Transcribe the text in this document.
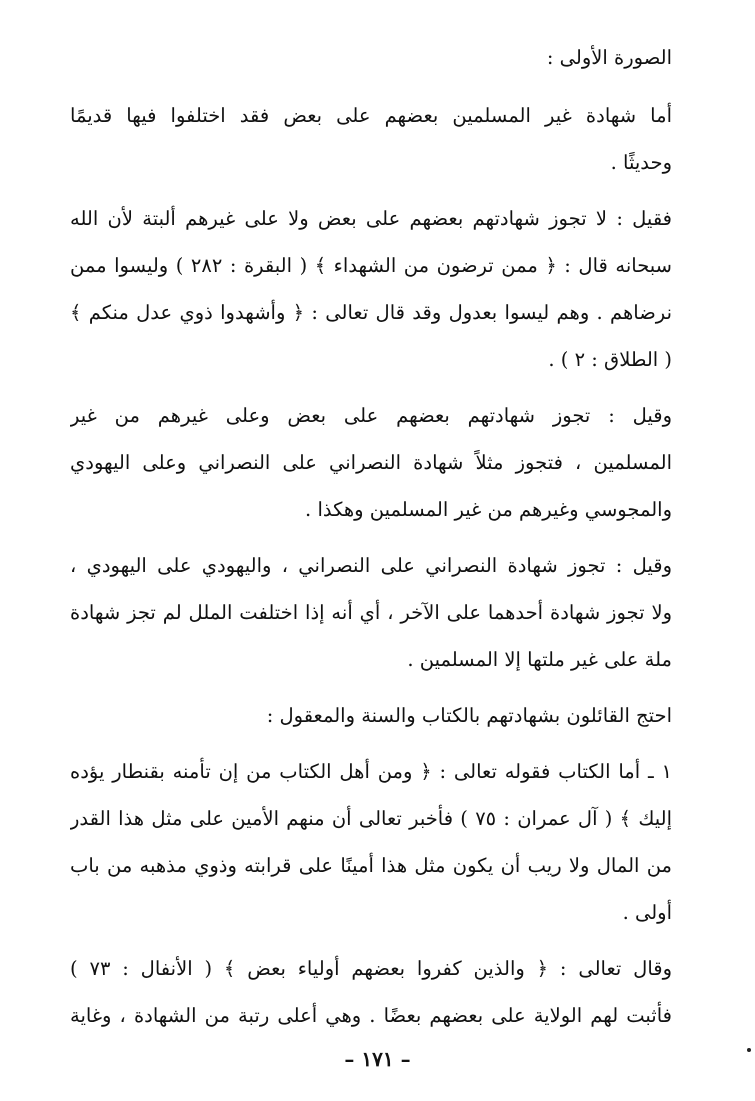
الصورة الأولى :
أما شهادة غير المسلمين بعضهم على بعض فقد اختلفوا فيها قديمًا
وحديثًا .
فقيل : لا تجوز شهادتهم بعضهم على بعض ولا على غيرهم ألبتة لأن الله
سبحانه قال : ﴿ ممن ترضون من الشهداء ﴾ ( البقرة : ٢٨٢ ) وليسوا ممن
نرضاهم . وهم ليسوا بعدول وقد قال تعالى : ﴿ وأشهدوا ذوي عدل منكم ﴾
( الطلاق : ٢ ) .
وقيل : تجوز شهادتهم بعضهم على بعض وعلى غيرهم من غير
المسلمين ، فتجوز مثلاً شهادة النصراني على النصراني وعلى اليهودي
والمجوسي وغيرهم من غير المسلمين وهكذا .
وقيل : تجوز شهادة النصراني على النصراني ، واليهودي على اليهودي ،
ولا تجوز شهادة أحدهما على الآخر ، أي أنه إذا اختلفت الملل لم تجز شهادة
ملة على غير ملتها إلا المسلمين .
احتج القائلون بشهادتهم بالكتاب والسنة والمعقول :
١ ـ أما الكتاب فقوله تعالى : ﴿ ومن أهل الكتاب من إن تأمنه بقنطار يؤده
إليك ﴾ ( آل عمران : ٧٥ ) فأخبر تعالى أن منهم الأمين على مثل هذا القدر
من المال ولا ريب أن يكون مثل هذا أمينًا على قرابته وذوي مذهبه من باب
أولى .
وقال تعالى : ﴿ والذين كفروا بعضهم أولياء بعض ﴾ ( الأنفال : ٧٣ )
فأثبت لهم الولاية على بعضهم بعضًا . وهي أعلى رتبة من الشهادة ، وغاية
– ١٧١ –
